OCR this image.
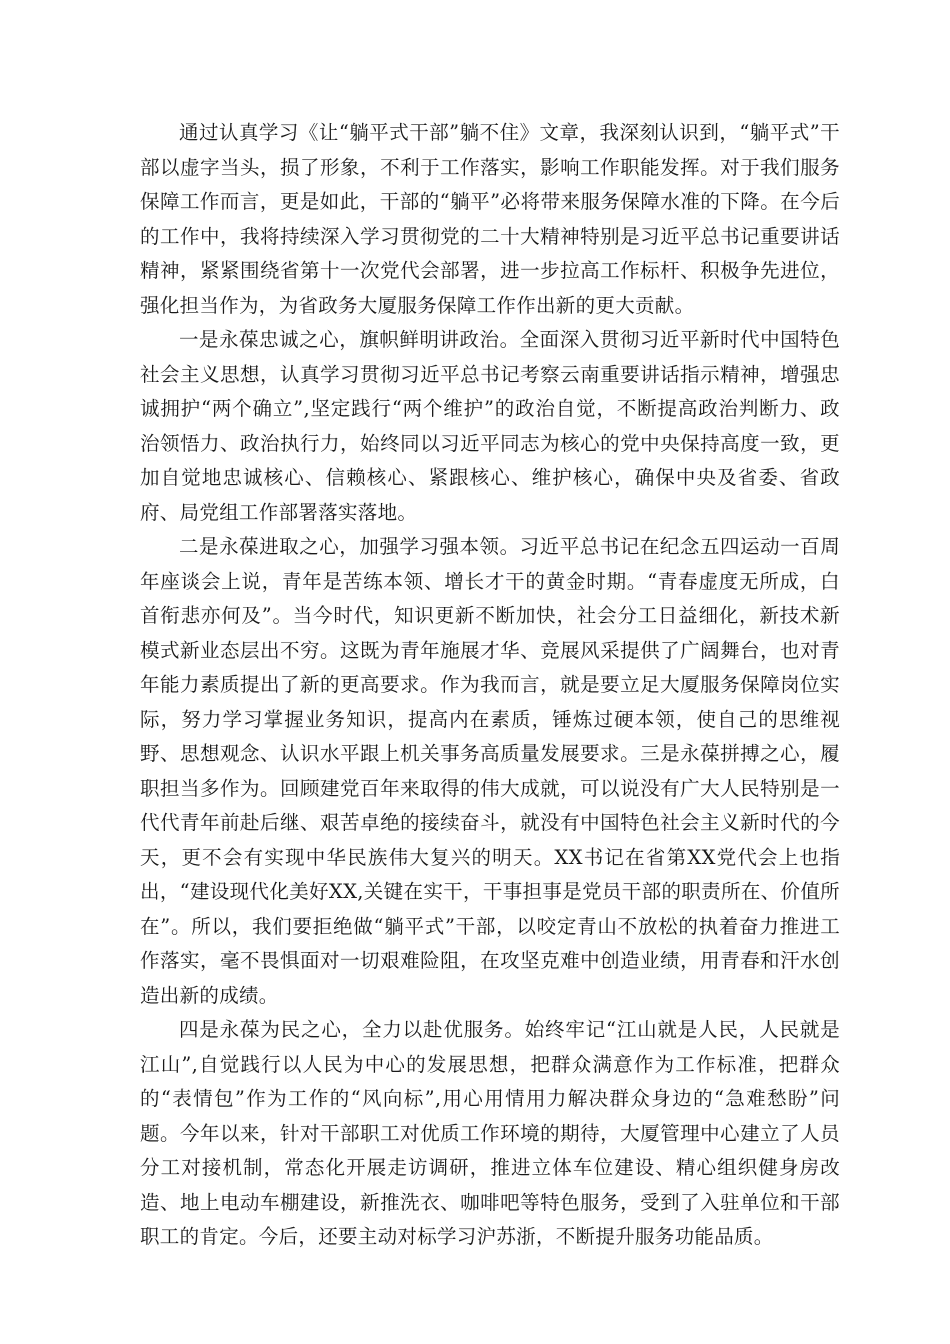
通过认真学习《让“躺平式干部”躺不住》文章，我深刻认识到，“躺平式”干部以虚字当头，损了形象，不利于工作落实，影响工作职能发挥。对于我们服务保障工作而言，更是如此，干部的“躺平”必将带来服务保障水准的下降。在今后的工作中，我将持续深入学习贯彻党的二十大精神特别是习近平总书记重要讲话精神，紧紧围绕省第十一次党代会部署，进一步拉高工作标杆、积极争先进位，强化担当作为，为省政务大厦服务保障工作作出新的更大贡献。

一是永葆忠诚之心，旗帜鲜明讲政治。全面深入贯彻习近平新时代中国特色社会主义思想，认真学习贯彻习近平总书记考察云南重要讲话指示精神，增强忠诚拥护“两个确立”,坚定践行“两个维护”的政治自觉，不断提高政治判断力、政治领悟力、政治执行力，始终同以习近平同志为核心的党中央保持高度一致，更加自觉地忠诚核心、信赖核心、紧跟核心、维护核心，确保中央及省委、省政府、局党组工作部署落实落地。

二是永葆进取之心，加强学习强本领。习近平总书记在纪念五四运动一百周年座谈会上说，青年是苦练本领、增长才干的黄金时期。“青春虚度无所成，白首衔悲亦何及”。当今时代，知识更新不断加快，社会分工日益细化，新技术新模式新业态层出不穷。这既为青年施展才华、竞展风采提供了广阔舞台，也对青年能力素质提出了新的更高要求。作为我而言，就是要立足大厦服务保障岗位实际，努力学习掌握业务知识，提高内在素质，锤炼过硬本领，使自己的思维视野、思想观念、认识水平跟上机关事务高质量发展要求。三是永葆拼搏之心，履职担当多作为。回顾建党百年来取得的伟大成就，可以说没有广大人民特别是一代代青年前赴后继、艰苦卓绝的接续奋斗，就没有中国特色社会主义新时代的今天，更不会有实现中华民族伟大复兴的明天。XX书记在省第XX党代会上也指出，“建设现代化美好XX,关键在实干，干事担事是党员干部的职责所在、价值所在”。所以，我们要拒绝做“躺平式”干部，以咬定青山不放松的执着奋力推进工作落实，毫不畏惧面对一切艰难险阻，在攻坚克难中创造业绩，用青春和汗水创造出新的成绩。

四是永葆为民之心，全力以赴优服务。始终牢记“江山就是人民，人民就是江山”,自觉践行以人民为中心的发展思想，把群众满意作为工作标准，把群众的“表情包”作为工作的“风向标”,用心用情用力解决群众身边的“急难愁盼”问题。今年以来，针对干部职工对优质工作环境的期待，大厦管理中心建立了人员分工对接机制，常态化开展走访调研，推进立体车位建设、精心组织健身房改造、地上电动车棚建设，新推洗衣、咖啡吧等特色服务，受到了入驻单位和干部职工的肯定。今后，还要主动对标学习沪苏浙，不断提升服务功能品质。
